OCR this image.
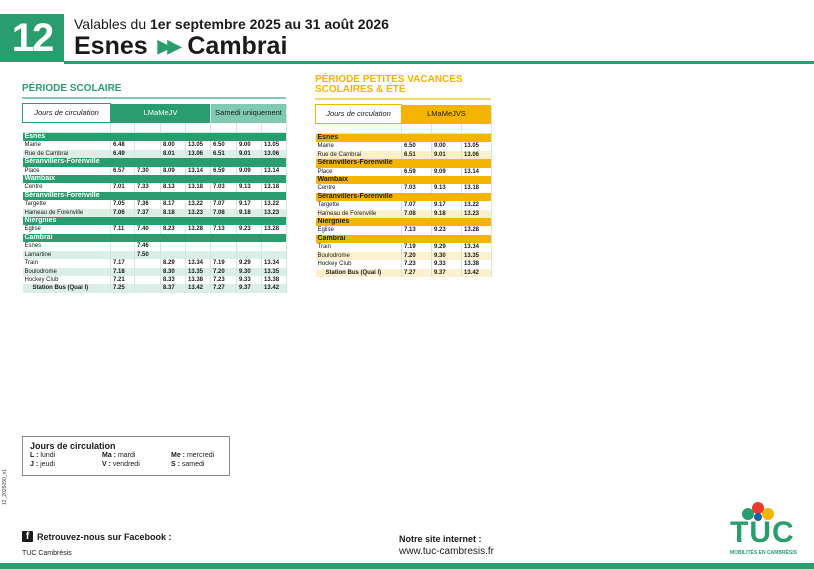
12	Valables du 1er septembre 2025 au 31 août 2026
Esnes ▶▶ Cambrai
PÉRIODE SCOLAIRE
Jours de circulation	LMaMeJV				Samedi uniquement		

Esnes							
Mairie	6.48		8.00	13.05	6.50	9.00	13.05
Rue de Cambrai	6.49		8.01	13.06	6.51	9.01	13.06
Séranvillers-Forenville							
Place	6.57	7.30	8.09	13.14	6.59	9.09	13.14
Wambaix							
Centre	7.01	7.33	8.13	13.18	7.03	9.13	13.18
Séranvillers-Forenville							
Targette	7.05	7.36	8.17	13.22	7.07	9.17	13.22
Hameau de Forenville	7.06	7.37	8.18	13.23	7.08	9.18	13.23
Niergnies							
Eglise	7.11	7.40	8.23	13.28	7.13	9.23	13.28
Cambrai							
Esnes		7.46					
Lamartine		7.50					
Train	7.17		8.29	13.34	7.19	9.29	13.34
Boulodrome	7.18		8.30	13.35	7.20	9.30	13.35
Hockey Club	7.21		8.33	13.38	7.23	9.33	13.38
Station Bus (Quai I)	7.25		8.37	13.42	7.27	9.37	13.42
PÉRIODE PETITES VACANCES
SCOLAIRES & ÉTÉ
Jours de circulation	LMaMeJVS		

Esnes			
Mairie	6.50	9.00	13.05
Rue de Cambrai	6.51	9.01	13.06
Séranvillers-Forenville			
Place	6.59	9.09	13.14
Wambaix			
Centre	7.03	9.13	13.18
Séranvillers-Forenville			
Targette	7.07	9.17	13.22
Hameau de Forenville	7.08	9.18	13.23
Niergnies			
Eglise	7.13	9.23	13.28
Cambrai			
Train	7.19	9.29	13.34
Boulodrome	7.20	9.30	13.35
Hockey Club	7.23	9.33	13.38
Station Bus (Quai I)	7.27	9.37	13.42
Jours de circulation
L : lundi	Ma : mardi	Me : mercredi
J : jeudi	V : vendredi	S : samedi
12_2025090_v1
f Retrouvez-nous sur Facebook :
TUC Cambrésis
Notre site internet :
www.tuc-cambresis.fr
TUC
MOBILITÉS EN CAMBRÉSIS
